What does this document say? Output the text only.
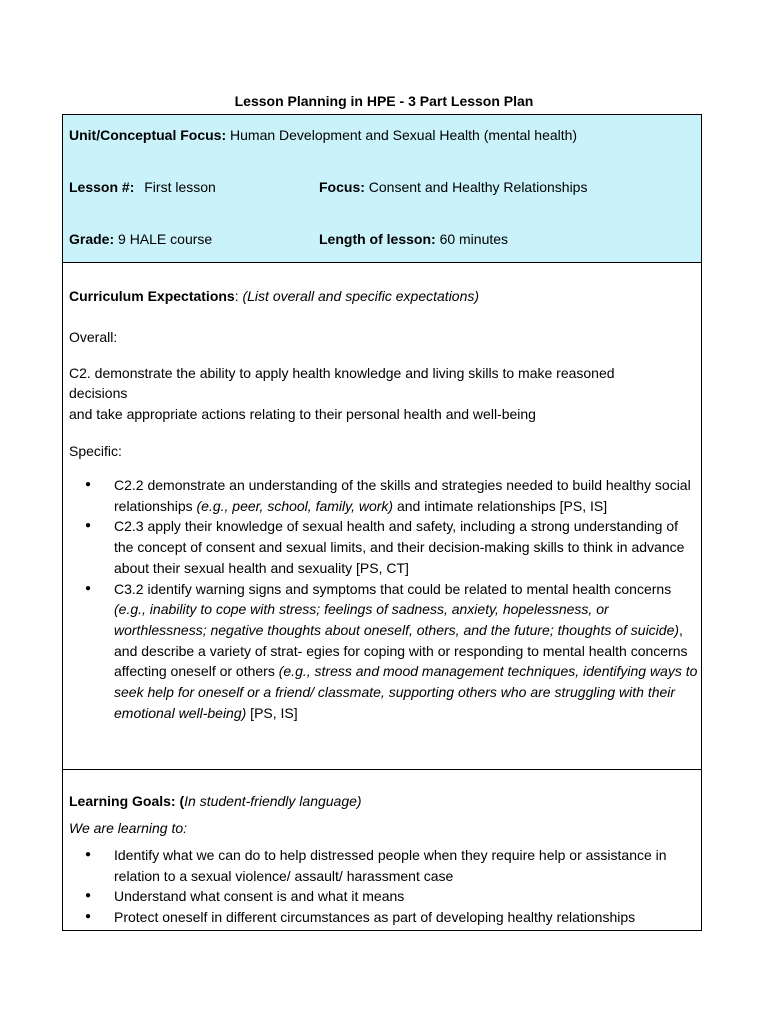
Lesson Planning in HPE - 3 Part Lesson Plan
Unit/Conceptual Focus: Human Development and Sexual Health (mental health)
Lesson #: First lesson	Focus: Consent and Healthy Relationships
Grade: 9 HALE course	Length of lesson: 60 minutes
Curriculum Expectations: (List overall and specific expectations)
Overall:
C2. demonstrate the ability to apply health knowledge and living skills to make reasoned
decisions
and take appropriate actions relating to their personal health and well-being
Specific:
● C2.2 demonstrate an understanding of the skills and strategies needed to build healthy social relationships (e.g., peer, school, family, work) and intimate relationships [PS, IS]
● C2.3 apply their knowledge of sexual health and safety, including a strong understanding of the concept of consent and sexual limits, and their decision-making skills to think in advance about their sexual health and sexuality [PS, CT]
● C3.2 identify warning signs and symptoms that could be related to mental health concerns
(e.g., inability to cope with stress; feelings of sadness, anxiety, hopelessness, or worthlessness; negative thoughts about oneself, others, and the future; thoughts of suicide), and describe a variety of strat- egies for coping with or responding to mental health concerns affecting oneself or others (e.g., stress and mood management techniques, identifying ways to seek help for oneself or a friend/ classmate, supporting others who are struggling with their emotional well-being) [PS, IS]
Learning Goals: (In student-friendly language)
We are learning to:
● Identify what we can do to help distressed people when they require help or assistance in relation to a sexual violence/ assault/ harassment case
● Understand what consent is and what it means
● Protect oneself in different circumstances as part of developing healthy relationships
